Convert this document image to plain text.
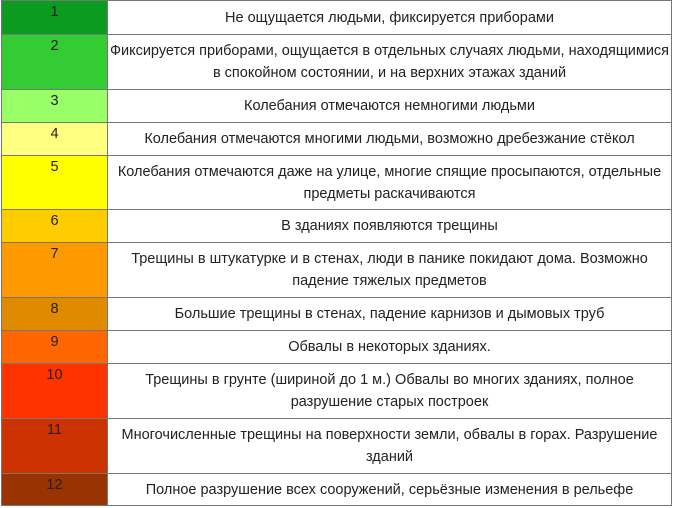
1	Не ощущается людьми, фиксируется приборами
2	Фиксируется приборами, ощущается в отдельных случаях людьми, находящимися в спокойном состоянии, и на верхних этажах зданий
3	Колебания отмечаются немногими людьми
4	Колебания отмечаются многими людьми, возможно дребезжание стёкол
5	Колебания отмечаются даже на улице, многие спящие просыпаются, отдельные предметы раскачиваются
6	В зданиях появляются трещины
7	Трещины в штукатурке и в стенах, люди в панике покидают дома. Возможно падение тяжелых предметов
8	Большие трещины в стенах, падение карнизов и дымовых труб
9	Обвалы в некоторых зданиях.
10	Трещины в грунте (шириной до 1 м.) Обвалы во многих зданиях, полное разрушение старых построек
11	Многочисленные трещины на поверхности земли, обвалы в горах. Разрушение зданий
12	Полное разрушение всех сооружений, серьёзные изменения в рельефе
